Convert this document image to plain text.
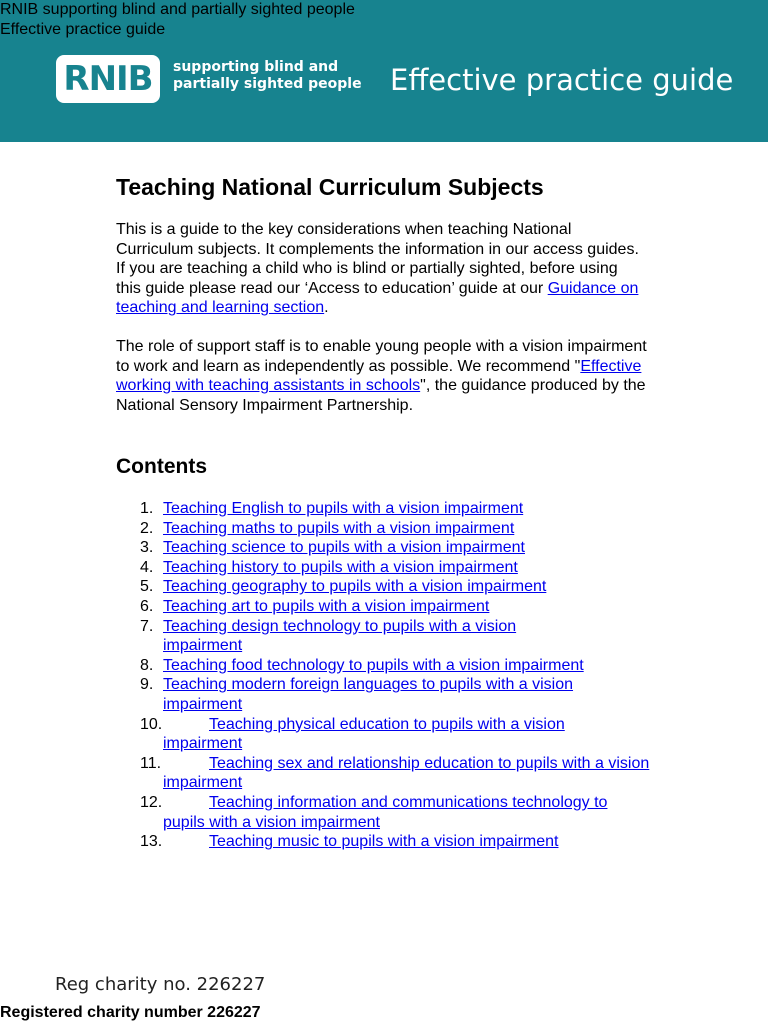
RNIB supporting blind and partially sighted people
Effective practice guide
RNIB supporting blind and
partially sighted people Effective practice guide
Teaching National Curriculum Subjects

This is a guide to the key considerations when teaching National Curriculum subjects. It complements the information in our access guides. If you are teaching a child who is blind or partially sighted, before using this guide please read our ‘Access to education’ guide at our Guidance on teaching and learning section.

The role of support staff is to enable young people with a vision impairment to work and learn as independently as possible. We recommend "Effective working with teaching assistants in schools", the guidance produced by the National Sensory Impairment Partnership.

Contents
1. Teaching English to pupils with a vision impairment
2. Teaching maths to pupils with a vision impairment
3. Teaching science to pupils with a vision impairment
4. Teaching history to pupils with a vision impairment
5. Teaching geography to pupils with a vision impairment
6. Teaching art to pupils with a vision impairment
7. Teaching design technology to pupils with a vision impairment
8. Teaching food technology to pupils with a vision impairment
9. Teaching modern foreign languages to pupils with a vision impairment
10.	Teaching physical education to pupils with a vision impairment
11.	Teaching sex and relationship education to pupils with a vision impairment
12.	Teaching information and communications technology to pupils with a vision impairment
13.	Teaching music to pupils with a vision impairment
Reg charity no. 226227
Registered charity number 226227
